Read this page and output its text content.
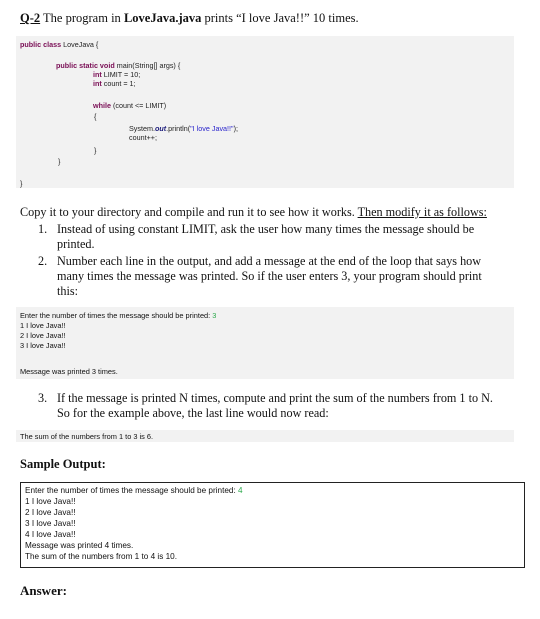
Q-2 The program in LoveJava.java prints “I love Java!!” 10 times.
public class LoveJava {
public static void main(String[] args) {
int LIMIT = 10;
int count = 1;
while (count <= LIMIT)
{
System.out.println("I love Java!!");
count++;
}
}
}
Copy it to your directory and compile and run it to see how it works. Then modify it as follows:
1. Instead of using constant LIMIT, ask the user how many times the message should be
printed.
2. Number each line in the output, and add a message at the end of the loop that says how
many times the message was printed. So if the user enters 3, your program should print
this:
Enter the number of times the message should be printed: 3
1 I love Java!!
2 I love Java!!
3 I love Java!!
Message was printed 3 times.
3. If the message is printed N times, compute and print the sum of the numbers from 1 to N.
So for the example above, the last line would now read:
The sum of the numbers from 1 to 3 is 6.
Sample Output:
Enter the number of times the message should be printed: 4
1 I love Java!!
2 I love Java!!
3 I love Java!!
4 I love Java!!
Message was printed 4 times.
The sum of the numbers from 1 to 4 is 10.
Answer:
